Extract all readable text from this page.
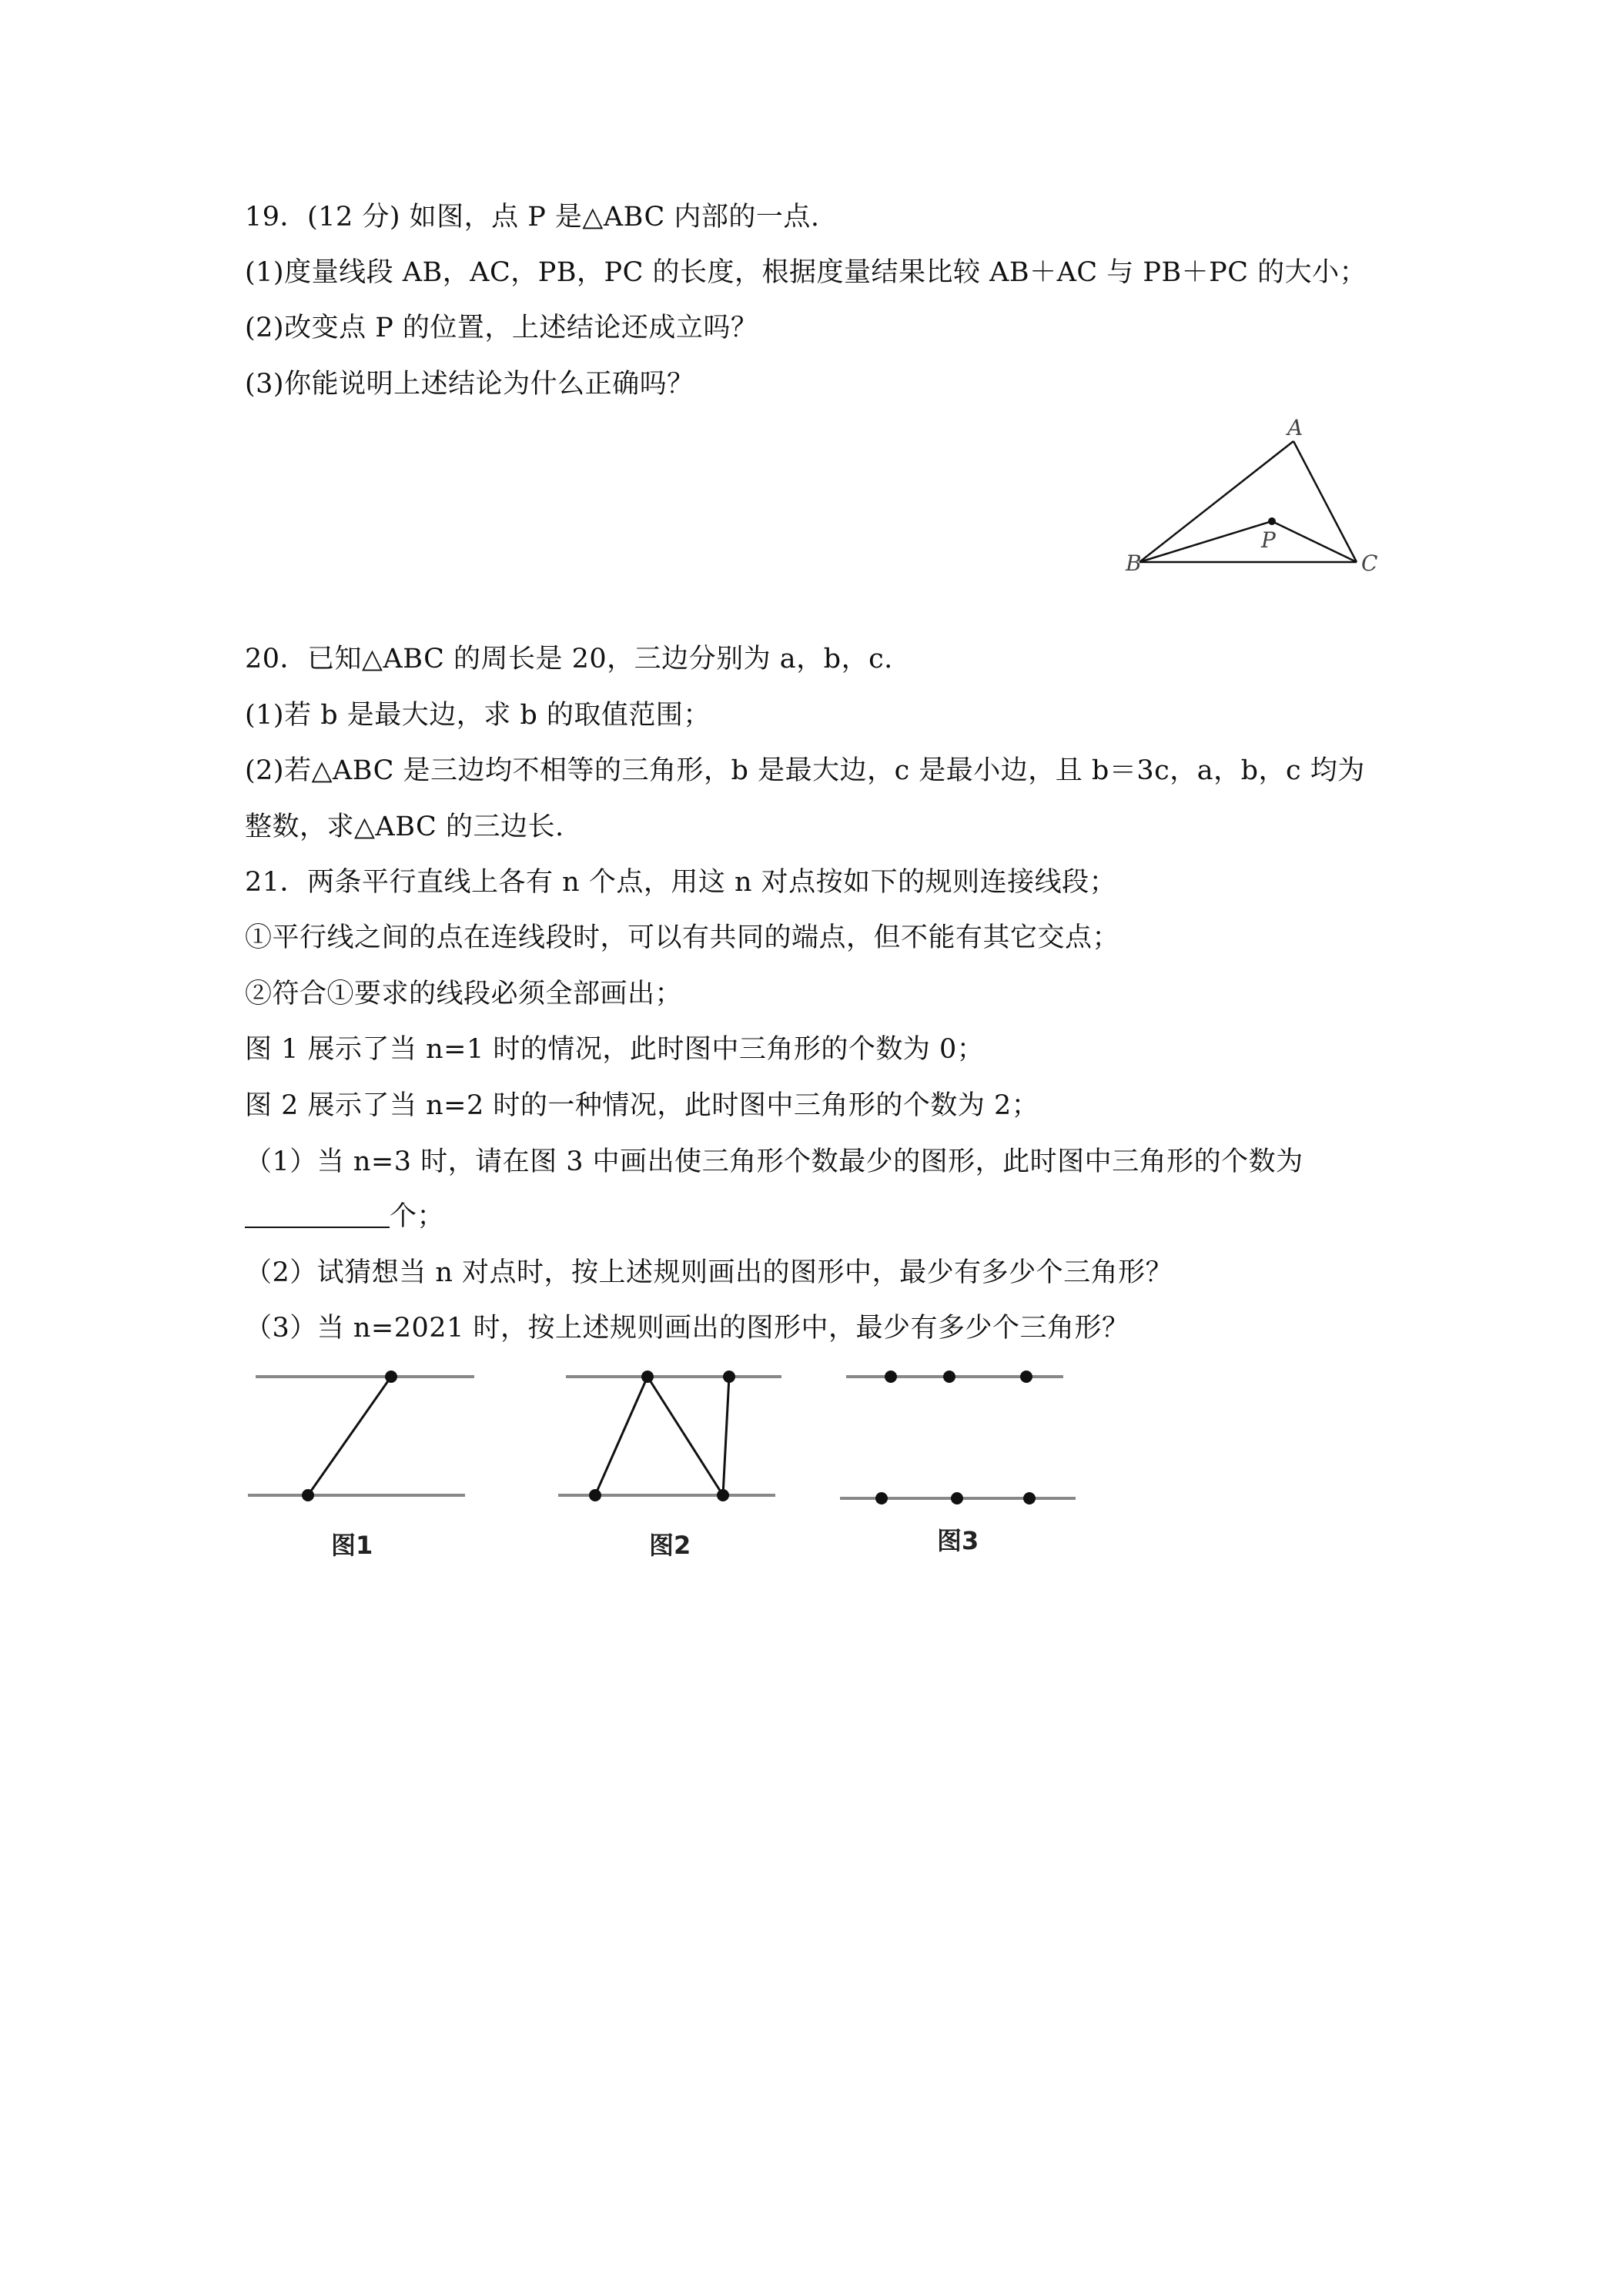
19．(12 分) 如图，点 P 是△ABC 内部的一点.
(1)度量线段 AB，AC，PB，PC 的长度，根据度量结果比较 AB＋AC 与 PB＋PC 的大小；
(2)改变点 P 的位置，上述结论还成立吗？
(3)你能说明上述结论为什么正确吗？
A
B	C
P
20．已知△ABC 的周长是 20，三边分别为 a，b，c.
(1)若 b 是最大边，求 b 的取值范围；
(2)若△ABC 是三边均不相等的三角形，b 是最大边，c 是最小边，且 b＝3c，a，b，c 均为
整数，求△ABC 的三边长.
21．两条平行直线上各有 n 个点，用这 n 对点按如下的规则连接线段；
①平行线之间的点在连线段时，可以有共同的端点，但不能有其它交点；
②符合①要求的线段必须全部画出；
图 1 展示了当 n=1 时的情况，此时图中三角形的个数为 0；
图 2 展示了当 n=2 时的一种情况，此时图中三角形的个数为 2；
（1）当 n=3 时，请在图 3 中画出使三角形个数最少的图形，此时图中三角形的个数为
个；
（2）试猜想当 n 对点时，按上述规则画出的图形中，最少有多少个三角形？
（3）当 n=2021 时，按上述规则画出的图形中，最少有多少个三角形？
图1	图2	图3
